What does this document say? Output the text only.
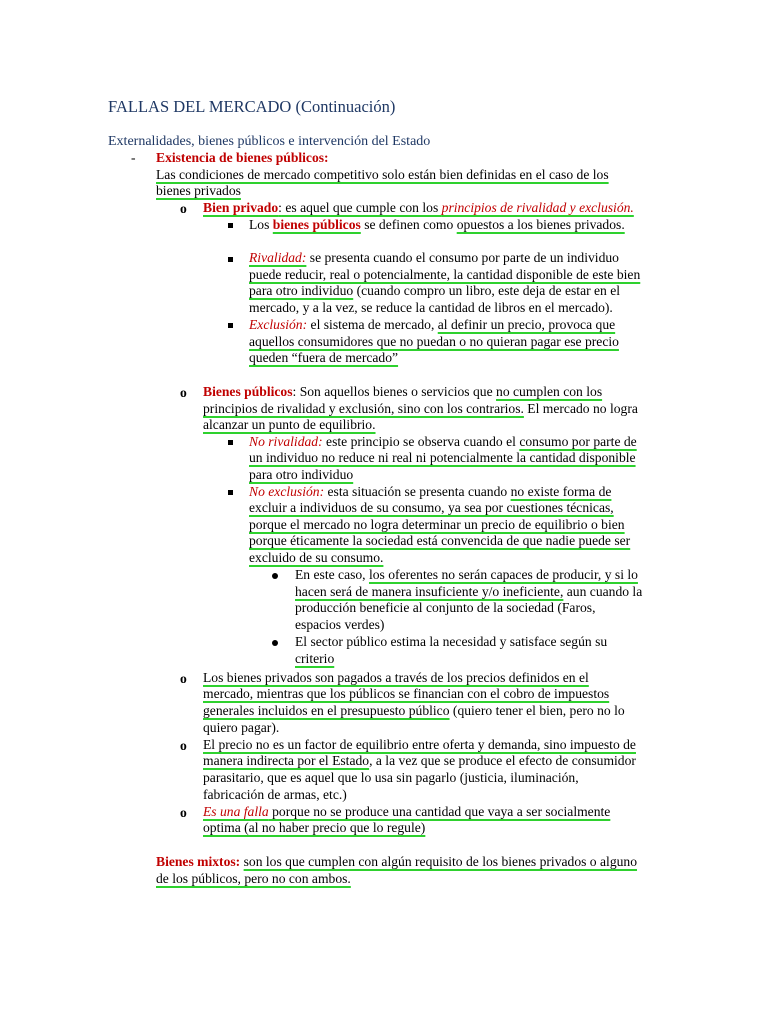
FALLAS DEL MERCADO (Continuación)
Externalidades, bienes públicos e intervención del Estado
- Existencia de bienes públicos:
Las condiciones de mercado competitivo solo están bien definidas en el caso de los
bienes privados
o Bien privado: es aquel que cumple con los principios de rivalidad y exclusión.
Los bienes públicos se definen como opuestos a los bienes privados.
Rivalidad: se presenta cuando el consumo por parte de un individuo
puede reducir, real o potencialmente, la cantidad disponible de este bien
para otro individuo (cuando compro un libro, este deja de estar en el
mercado, y a la vez, se reduce la cantidad de libros en el mercado).
Exclusión: el sistema de mercado, al definir un precio, provoca que
aquellos consumidores que no puedan o no quieran pagar ese precio
queden “fuera de mercado”
o Bienes públicos: Son aquellos bienes o servicios que no cumplen con los
principios de rivalidad y exclusión, sino con los contrarios. El mercado no logra
alcanzar un punto de equilibrio.
No rivalidad: este principio se observa cuando el consumo por parte de
un individuo no reduce ni real ni potencialmente la cantidad disponible
para otro individuo
No exclusión: esta situación se presenta cuando no existe forma de
excluir a individuos de su consumo, ya sea por cuestiones técnicas,
porque el mercado no logra determinar un precio de equilibrio o bien
porque éticamente la sociedad está convencida de que nadie puede ser
excluido de su consumo.
En este caso, los oferentes no serán capaces de producir, y si lo
hacen será de manera insuficiente y/o ineficiente, aun cuando la
producción beneficie al conjunto de la sociedad (Faros,
espacios verdes)
El sector público estima la necesidad y satisface según su
criterio
o Los bienes privados son pagados a través de los precios definidos en el
mercado, mientras que los públicos se financian con el cobro de impuestos
generales incluidos en el presupuesto público (quiero tener el bien, pero no lo
quiero pagar).
o El precio no es un factor de equilibrio entre oferta y demanda, sino impuesto de
manera indirecta por el Estado, a la vez que se produce el efecto de consumidor
parasitario, que es aquel que lo usa sin pagarlo (justicia, iluminación,
fabricación de armas, etc.)
o Es una falla porque no se produce una cantidad que vaya a ser socialmente
optima (al no haber precio que lo regule)
Bienes mixtos: son los que cumplen con algún requisito de los bienes privados o alguno
de los públicos, pero no con ambos.
